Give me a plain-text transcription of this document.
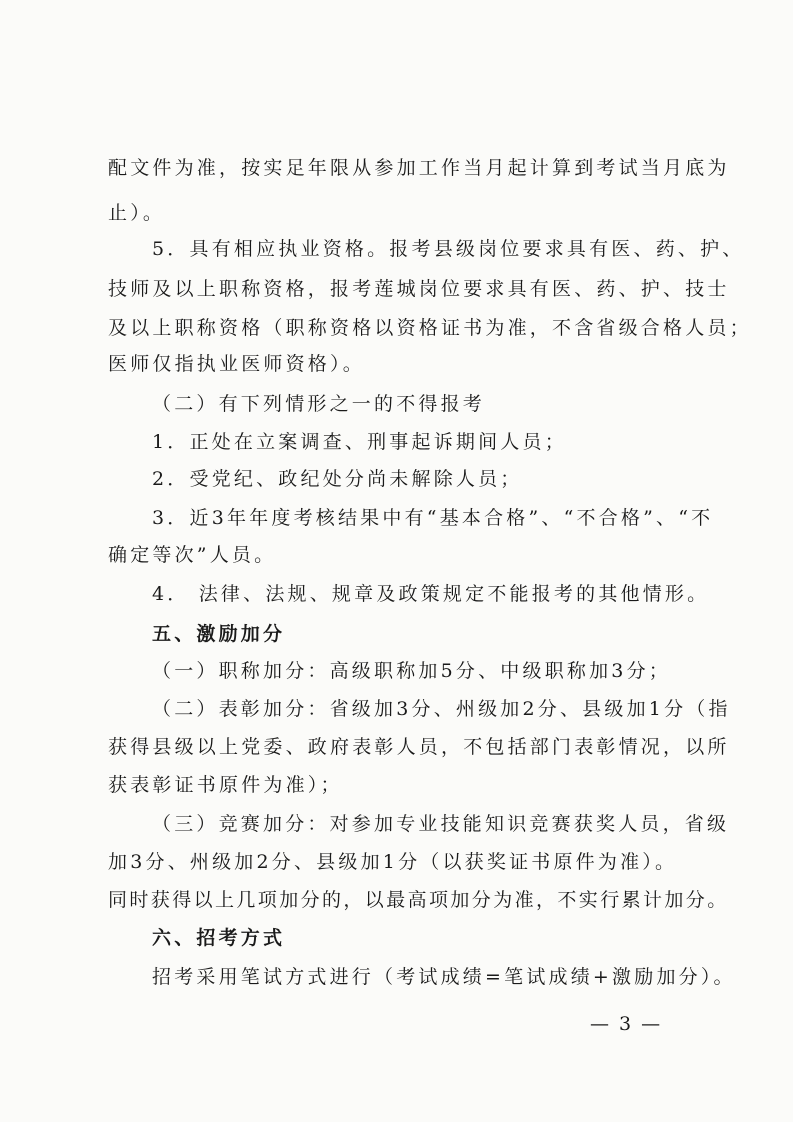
配文件为准，按实足年限从参加工作当月起计算到考试当月底为
止）。
5．具有相应执业资格。报考县级岗位要求具有医、药、护、
技师及以上职称资格，报考莲城岗位要求具有医、药、护、技士
及以上职称资格（职称资格以资格证书为准，不含省级合格人员；
医师仅指执业医师资格）。
（二）有下列情形之一的不得报考
1．正处在立案调查、刑事起诉期间人员；
2．受党纪、政纪处分尚未解除人员；
3．近3年年度考核结果中有“基本合格”、“不合格”、“不
确定等次”人员。
4． 法律、法规、规章及政策规定不能报考的其他情形。
五、激励加分
（一）职称加分：高级职称加5分、中级职称加3分；
（二）表彰加分：省级加3分、州级加2分、县级加1分（指
获得县级以上党委、政府表彰人员，不包括部门表彰情况，以所
获表彰证书原件为准）；
（三）竞赛加分：对参加专业技能知识竞赛获奖人员，省级
加3分、州级加2分、县级加1分（以获奖证书原件为准）。
同时获得以上几项加分的，以最高项加分为准，不实行累计加分。
六、招考方式
招考采用笔试方式进行（考试成绩=笔试成绩+激励加分）。
— 3 —
